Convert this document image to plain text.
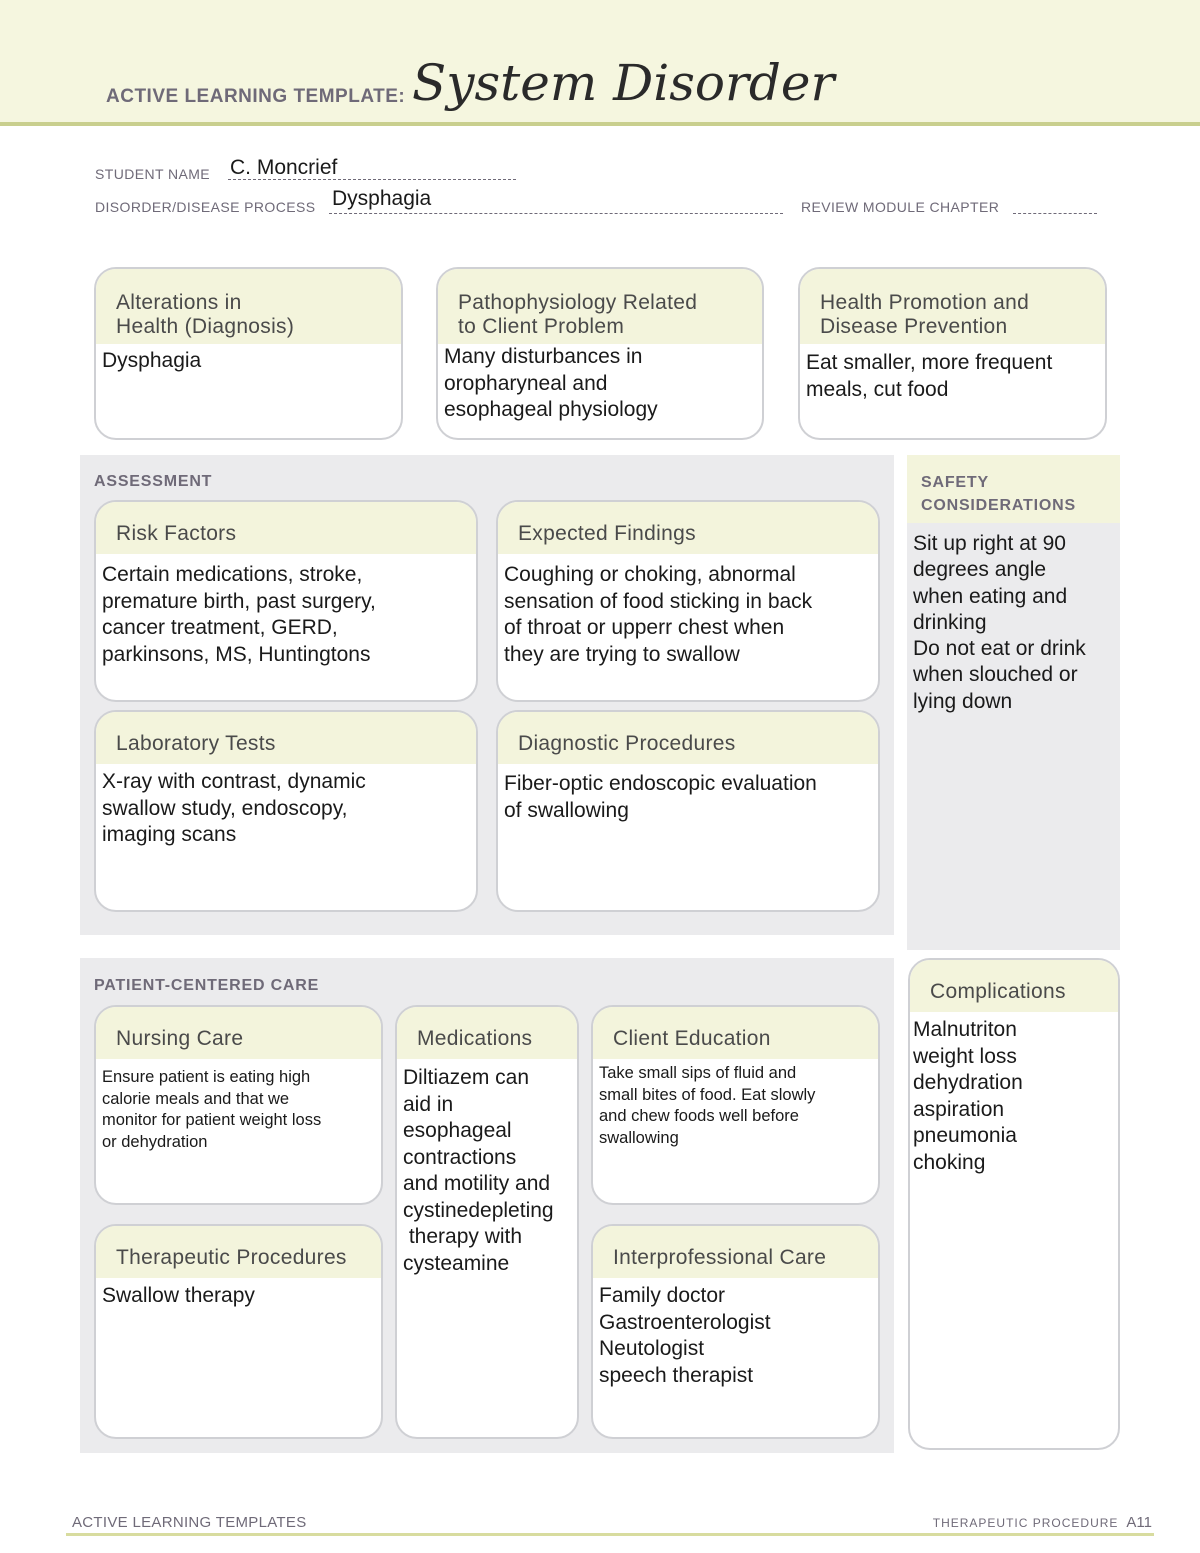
ACTIVE LEARNING TEMPLATE: System Disorder
STUDENT NAME C. Moncrief
DISORDER/DISEASE PROCESS Dysphagia	REVIEW MODULE CHAPTER
Alterations in
Health (Diagnosis)
Dysphagia
Pathophysiology Related
to Client Problem
Many disturbances in
oropharyneal and
esophageal physiology
Health Promotion and
Disease Prevention
Eat smaller, more frequent
meals, cut food
ASSESSMENT
Risk Factors
Certain medications, stroke,
premature birth, past surgery,
cancer treatment, GERD,
parkinsons, MS, Huntingtons
Expected Findings
Coughing or choking, abnormal
sensation of food sticking in back
of throat or upperr chest when
they are trying to swallow
Laboratory Tests
X-ray with contrast, dynamic
swallow study, endoscopy,
imaging scans
Diagnostic Procedures
Fiber-optic endoscopic evaluation
of swallowing
SAFETY
CONSIDERATIONS
Sit up right at 90
degrees angle
when eating and
drinking
Do not eat or drink
when slouched or
lying down
PATIENT-CENTERED CARE
Nursing Care
Ensure patient is eating high
calorie meals and that we
monitor for patient weight loss
or dehydration
Medications
Diltiazem can
aid in
esophageal
contractions
and motility and
cystinedepleting
therapy with
cysteamine
Client Education
Take small sips of fluid and
small bites of food. Eat slowly
and chew foods well before
swallowing
Therapeutic Procedures
Swallow therapy
Interprofessional Care
Family doctor
Gastroenterologist
Neutologist
speech therapist
Complications
Malnutriton
weight loss
dehydration
aspiration
pneumonia
choking
ACTIVE LEARNING TEMPLATES	THERAPEUTIC PROCEDURE A11
